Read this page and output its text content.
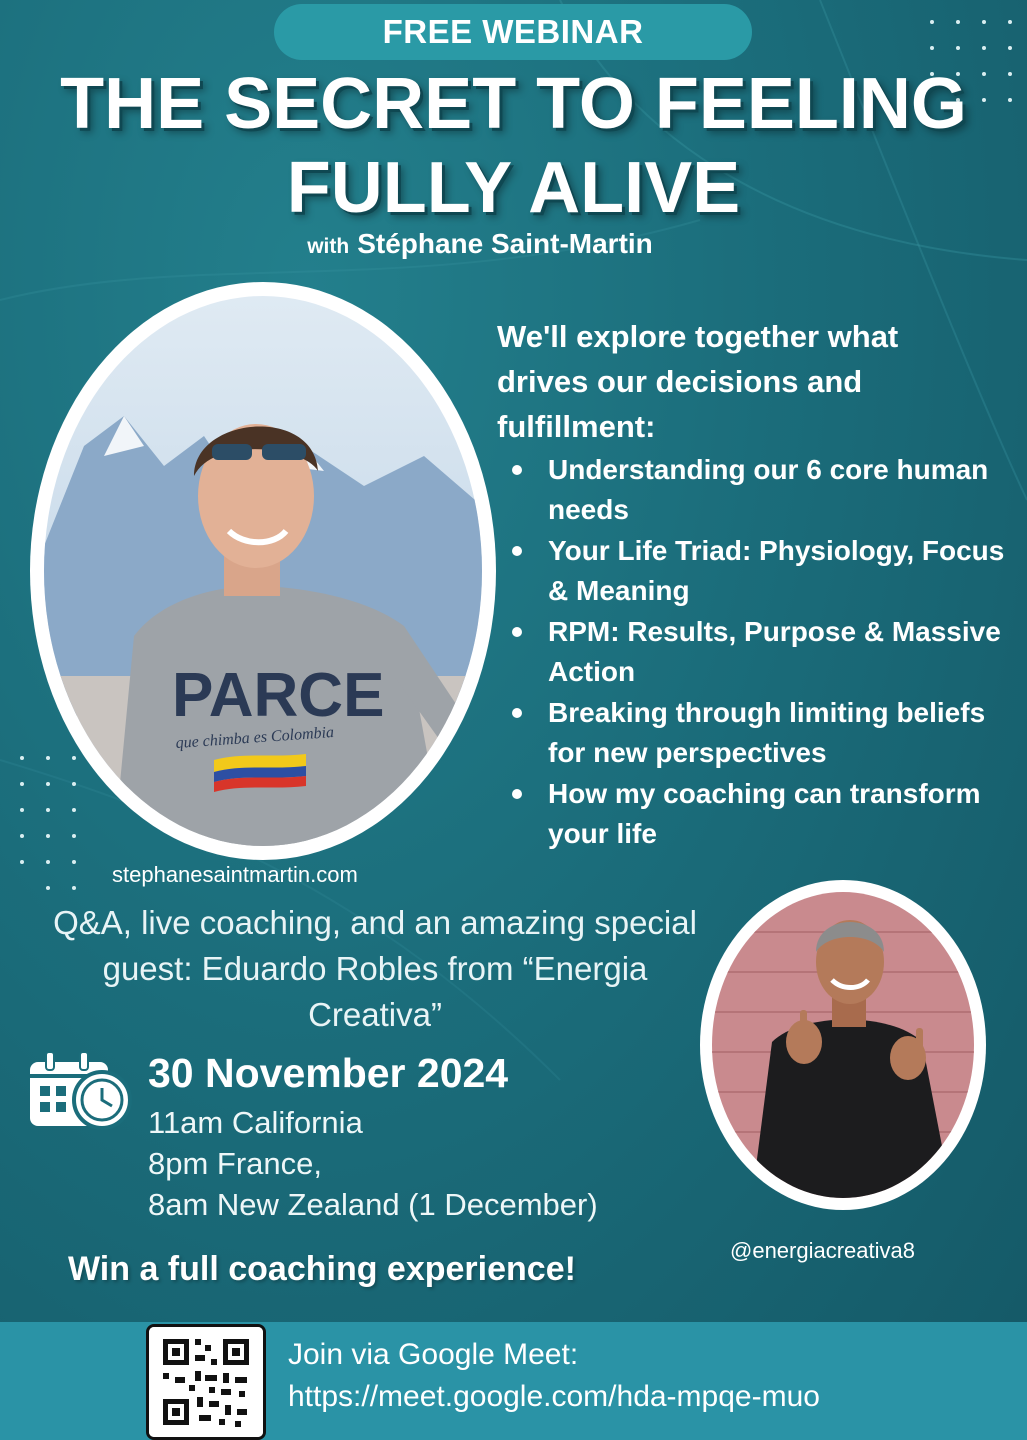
FREE WEBINAR
THE SECRET TO FEELING
FULLY ALIVE
with Stéphane Saint-Martin
PARCE
que chimba es Colombia
We'll explore together what drives our decisions and fulfillment:
Understanding our 6 core human needs
Your Life Triad: Physiology, Focus & Meaning
RPM: Results, Purpose & Massive Action
Breaking through limiting beliefs for new perspectives
How my coaching can transform your life
stephanesaintmartin.com
Q&A, live coaching, and an amazing special guest: Eduardo Robles from “Energia Creativa”
30 November 2024
11am California
8pm France,
8am New Zealand (1 December)
Win a full coaching experience!	@energiacreativa8
Join via Google Meet:
https://meet.google.com/hda-mpqe-muo
